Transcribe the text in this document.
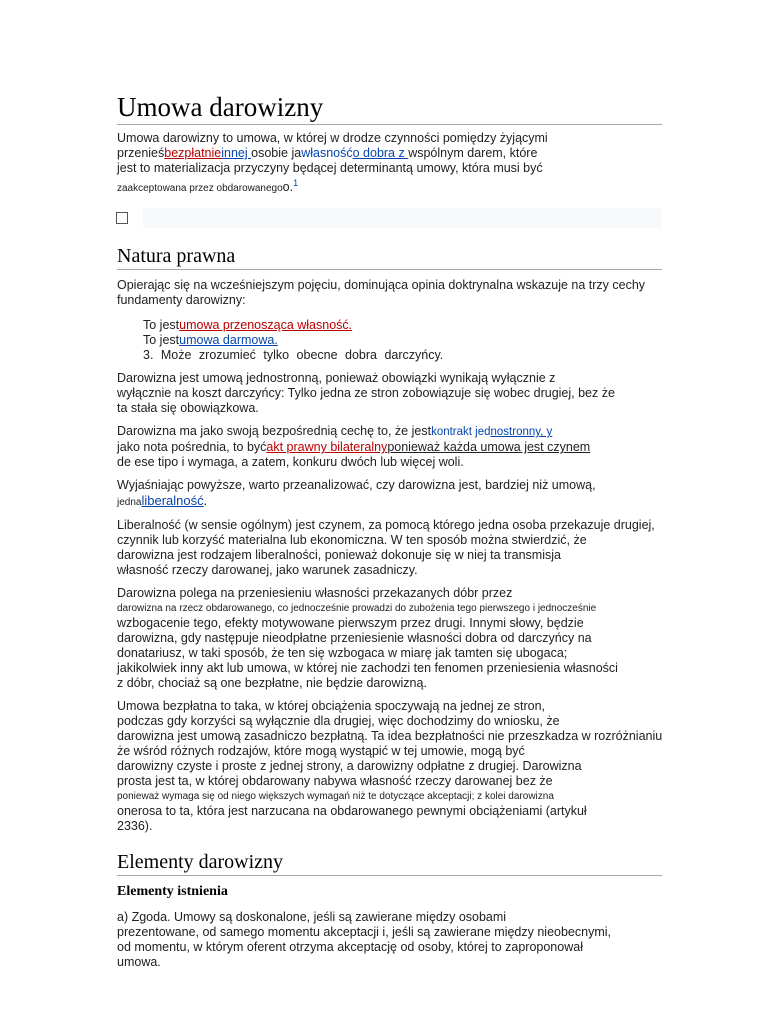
Umowa darowizny

Umowa darowizny to umowa, w której w drodze czynności pomiędzy żyjącymi
przenieśbezpłatnieinnej osobie jawłasnośćo dobra z wspólnym darem, które
jest to materializacja przyczyny będącej determinantą umowy, która musi być
zaakceptowana przez obdarowanegoo.$^1$

Natura prawna

Opierając się na wcześniejszym pojęciu, dominująca opinia doktrynalna wskazuje na trzy cechy
fundamenty darowizny:

To jestumowa przenosząca własność.
To jestumowa darmowa.
3. Może zrozumieć tylko obecne dobra darczyńcy.

Darowizna jest umową jednostronną, ponieważ obowiązki wynikają wyłącznie z
wyłącznie na koszt darczyńcy: Tylko jedna ze stron zobowiązuje się wobec drugiej, bez że
ta stała się obowiązkowa.

Darowizna ma jako swoją bezpośrednią cechę to, że jestkontrakt jednostronny, y
jako nota pośrednia, to byćakt prawny bilateralnyponieważ każda umowa jest czynem
de ese tipo i wymaga, a zatem, konkuru dwóch lub więcej woli.

Wyjaśniając powyższe, warto przeanalizować, czy darowizna jest, bardziej niż umową,
jednaliberalność.

Liberalność (w sensie ogólnym) jest czynem, za pomocą którego jedna osoba przekazuje drugiej,
czynnik lub korzyść materialna lub ekonomiczna. W ten sposób można stwierdzić, że
darowizna jest rodzajem liberalności, ponieważ dokonuje się w niej ta transmisja
własność rzeczy darowanej, jako warunek zasadniczy.

Darowizna polega na przeniesieniu własności przekazanych dóbr przez
darowizna na rzecz obdarowanego, co jednocześnie prowadzi do zubożenia tego pierwszego i jednocześnie
wzbogacenie tego, efekty motywowane pierwszym przez drugi. Innymi słowy, będzie
darowizna, gdy następuje nieodpłatne przeniesienie własności dobra od darczyńcy na
donatariusz, w taki sposób, że ten się wzbogaca w miarę jak tamten się ubogaca;
jakikolwiek inny akt lub umowa, w której nie zachodzi ten fenomen przeniesienia własności
z dóbr, chociaż są one bezpłatne, nie będzie darowizną.

Umowa bezpłatna to taka, w której obciążenia spoczywają na jednej ze stron,
podczas gdy korzyści są wyłącznie dla drugiej, więc dochodzimy do wniosku, że
darowizna jest umową zasadniczo bezpłatną. Ta idea bezpłatności nie przeszkadza w rozróżnianiu
że wśród różnych rodzajów, które mogą wystąpić w tej umowie, mogą być
darowizny czyste i proste z jednej strony, a darowizny odpłatne z drugiej. Darowizna
prosta jest ta, w której obdarowany nabywa własność rzeczy darowanej bez że
ponieważ wymaga się od niego większych wymagań niż te dotyczące akceptacji; z kolei darowizna
onerosa to ta, która jest narzucana na obdarowanego pewnymi obciążeniami (artykuł
2336).

Elementy darowizny
Elementy istnienia

a) Zgoda. Umowy są doskonalone, jeśli są zawierane między osobami
prezentowane, od samego momentu akceptacji i, jeśli są zawierane między nieobecnymi,
od momentu, w którym oferent otrzyma akceptację od osoby, której to zaproponował
umowa.
